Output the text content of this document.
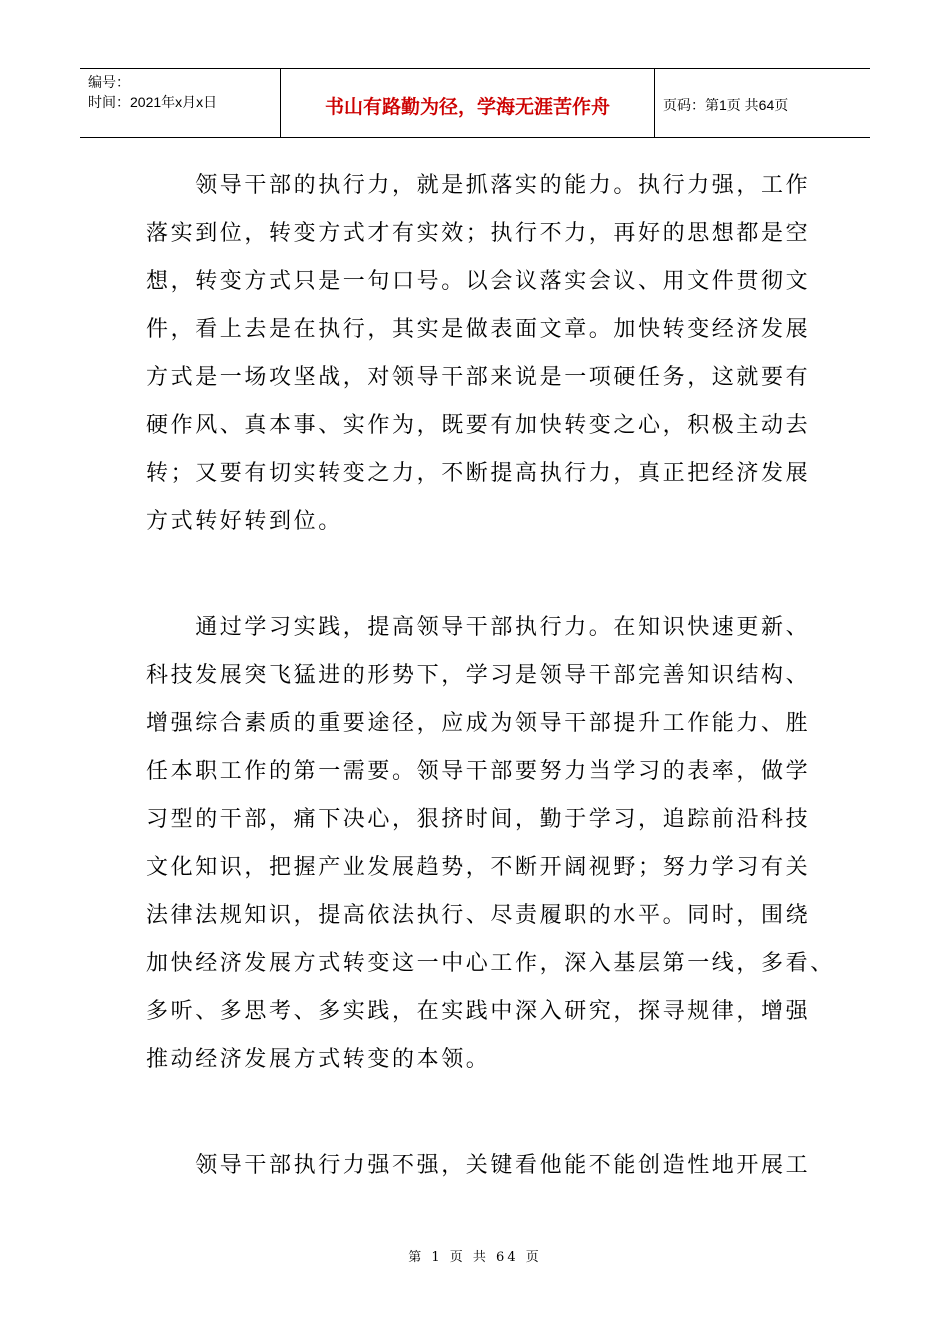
编号：
时间：2021年x月x日	书山有路勤为径，学海无涯苦作舟	页码：第1页 共64页

　　领导干部的执行力，就是抓落实的能力。执行力强，工作
落实到位，转变方式才有实效；执行不力，再好的思想都是空
想，转变方式只是一句口号。以会议落实会议、用文件贯彻文
件，看上去是在执行，其实是做表面文章。加快转变经济发展
方式是一场攻坚战，对领导干部来说是一项硬任务，这就要有
硬作风、真本事、实作为，既要有加快转变之心，积极主动去
转；又要有切实转变之力，不断提高执行力，真正把经济发展
方式转好转到位。

　　通过学习实践，提高领导干部执行力。在知识快速更新、
科技发展突飞猛进的形势下，学习是领导干部完善知识结构、
增强综合素质的重要途径，应成为领导干部提升工作能力、胜
任本职工作的第一需要。领导干部要努力当学习的表率，做学
习型的干部，痛下决心，狠挤时间，勤于学习，追踪前沿科技
文化知识，把握产业发展趋势，不断开阔视野；努力学习有关
法律法规知识，提高依法执行、尽责履职的水平。同时，围绕
加快经济发展方式转变这一中心工作，深入基层第一线，多看、
多听、多思考、多实践，在实践中深入研究，探寻规律，增强
推动经济发展方式转变的本领。

　　领导干部执行力强不强，关键看他能不能创造性地开展工

第 1 页 共 64 页
